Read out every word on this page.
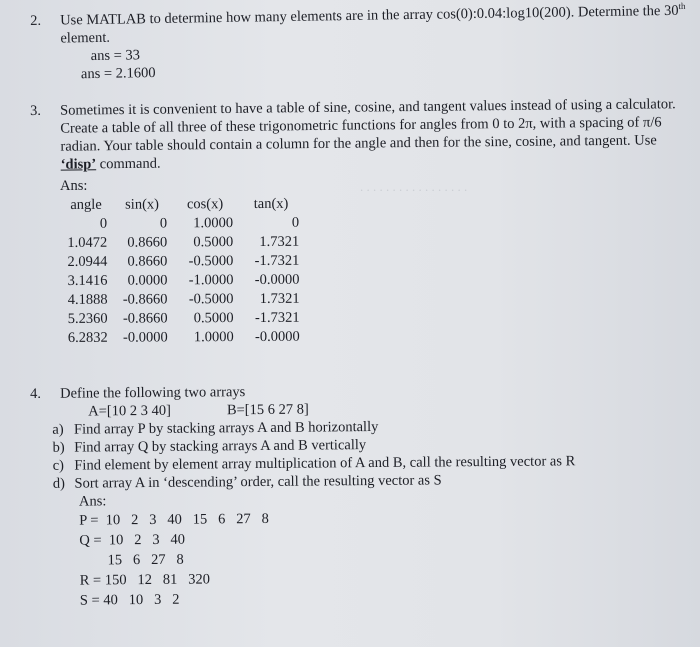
2. Use MATLAB to determine how many elements are in the array cos(0):0.04:log10(200). Determine the 30th
element.
ans = 33
ans = 2.1600
3. Sometimes it is convenient to have a table of sine, cosine, and tangent values instead of using a calculator.
Create a table of all three of these trigonometric functions for angles from 0 to 2π, with a spacing of π/6
radian. Your table should contain a column for the angle and then for the sine, cosine, and tangent. Use
‘disp’ command.
Ans:
angle	sin(x)	cos(x)	tan(x)
0	0	1.0000	0
1.0472	0.8660	0.5000	1.7321
2.0944	0.8660	-0.5000	-1.7321
3.1416	0.0000	-1.0000	-0.0000
4.1888	-0.8660	-0.5000	1.7321
5.2360	-0.8660	0.5000	-1.7321
6.2832	-0.0000	1.0000	-0.0000
. . . . . . . . . . . . . . . . .
4. Define the following two arrays
A=[10 2 3 40]	B=[15 6 27 8]
a) Find array P by stacking arrays A and B horizontally
b) Find array Q by stacking arrays A and B vertically
c) Find element by element array multiplication of A and B, call the resulting vector as R
d) Sort array A in ‘descending’ order, call the resulting vector as S
Ans:
P =  10   2   3   40   15   6   27   8
Q =  10   2   3   40
15   6   27   8
R = 150   12   81   320
S = 40   10   3   2
